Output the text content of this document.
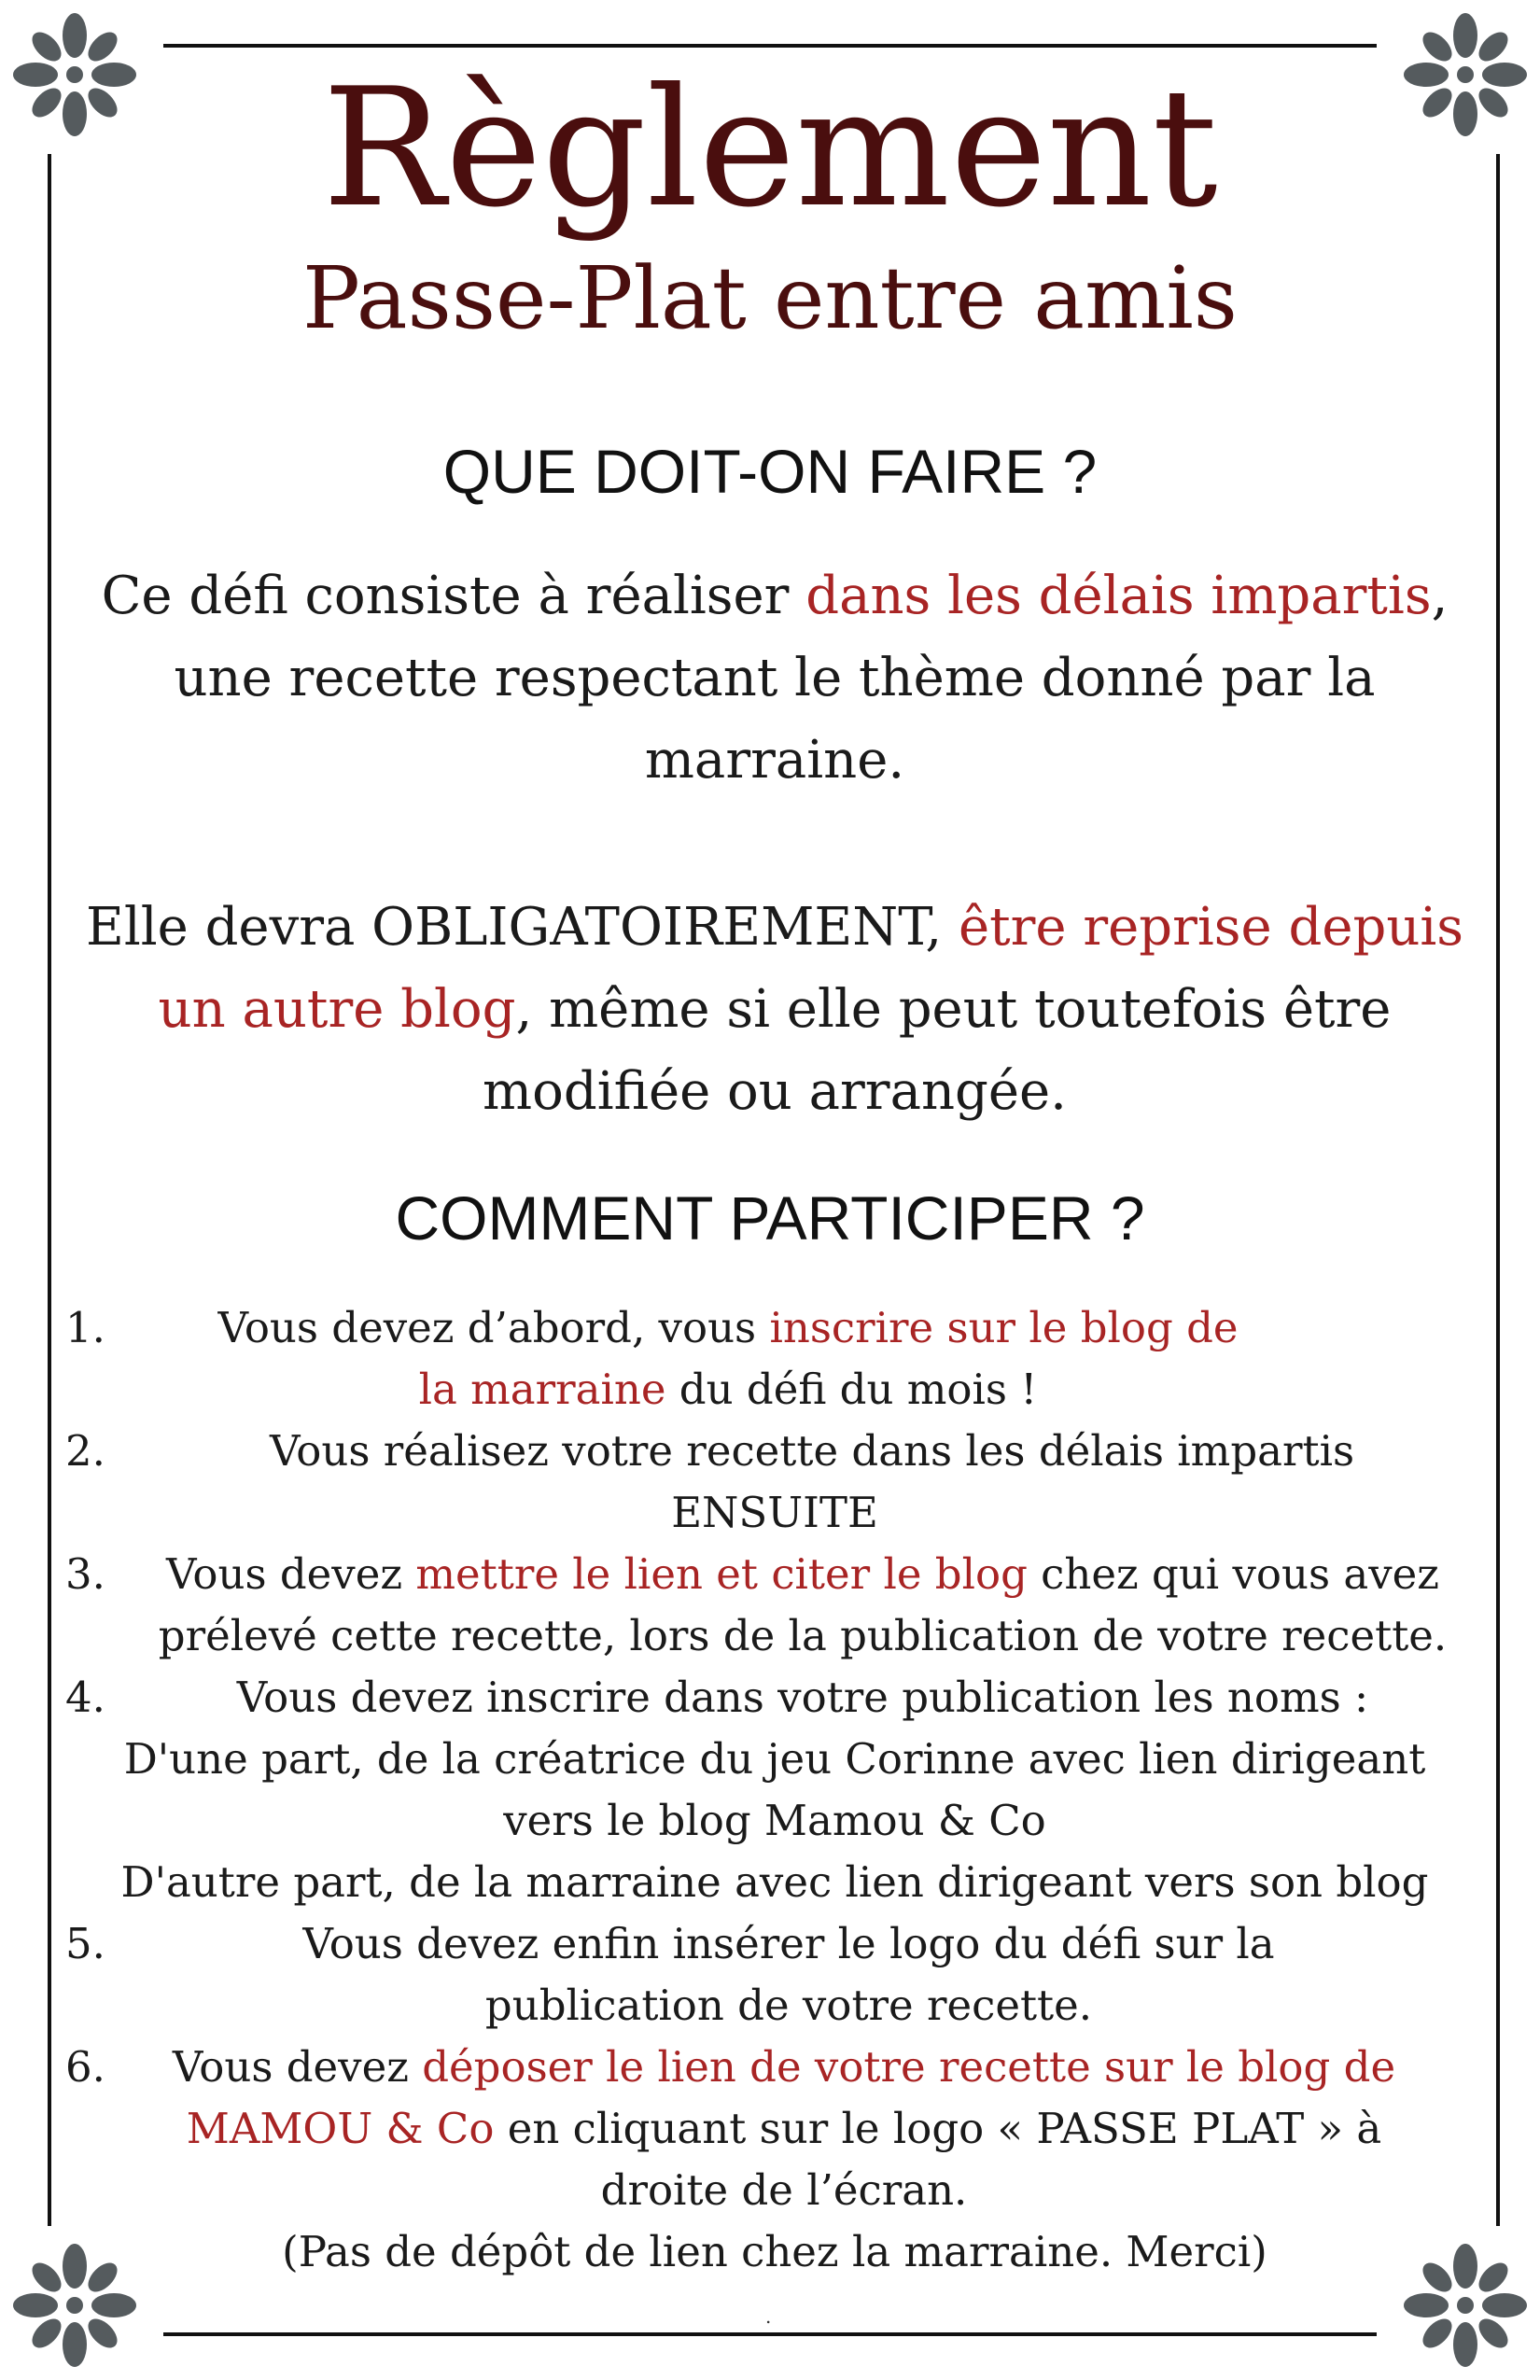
Règlement
Passe-Plat entre amis
QUE DOIT-ON FAIRE ?
Ce défi consiste à réaliser dans les délais impartis, une recette respectant le thème donné par la marraine.
Elle devra OBLIGATOIREMENT, être reprise depuis un autre blog, même si elle peut toutefois être modifiée ou arrangée.
COMMENT PARTICIPER ?
1.	Vous devez d’abord, vous inscrire sur le blog de la marraine du défi du mois !
2.	Vous réalisez votre recette dans les délais impartis
ENSUITE
3. Vous devez mettre le lien et citer le blog chez qui vous avez prélevé cette recette, lors de la publication de votre recette.
4.	Vous devez inscrire dans votre publication les noms :
D'une part, de la créatrice du jeu Corinne avec lien dirigeant vers le blog Mamou & Co
D'autre part, de la marraine avec lien dirigeant vers son blog
5.	Vous devez enfin insérer le logo du défi sur la publication de votre recette.
6. Vous devez déposer le lien de votre recette sur le blog de MAMOU & Co en cliquant sur le logo « PASSE PLAT » à droite de l’écran.
(Pas de dépôt de lien chez la marraine. Merci)
.
